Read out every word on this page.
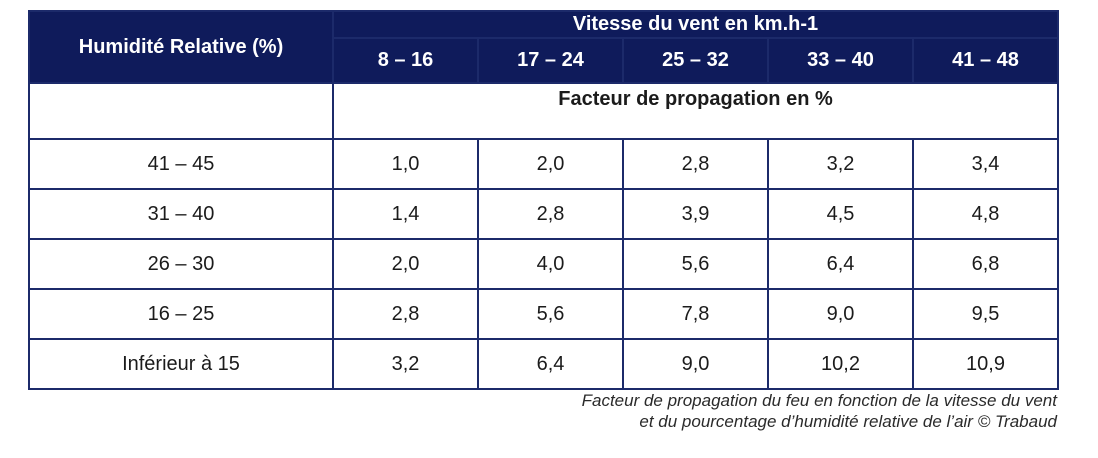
Humidité Relative (%)	Vitesse du vent en km.h-1				
	8 – 16	17 – 24	25 – 32	33 – 40	41 – 48
	Facteur de propagation en %				
41 – 45	1,0	2,0	2,8	3,2	3,4
31 – 40	1,4	2,8	3,9	4,5	4,8
26 – 30	2,0	4,0	5,6	6,4	6,8
16 – 25	2,8	5,6	7,8	9,0	9,5
Inférieur à 15	3,2	6,4	9,0	10,2	10,9
Facteur de propagation du feu en fonction de la vitesse du vent
et du pourcentage d’humidité relative de l’air © Trabaud
